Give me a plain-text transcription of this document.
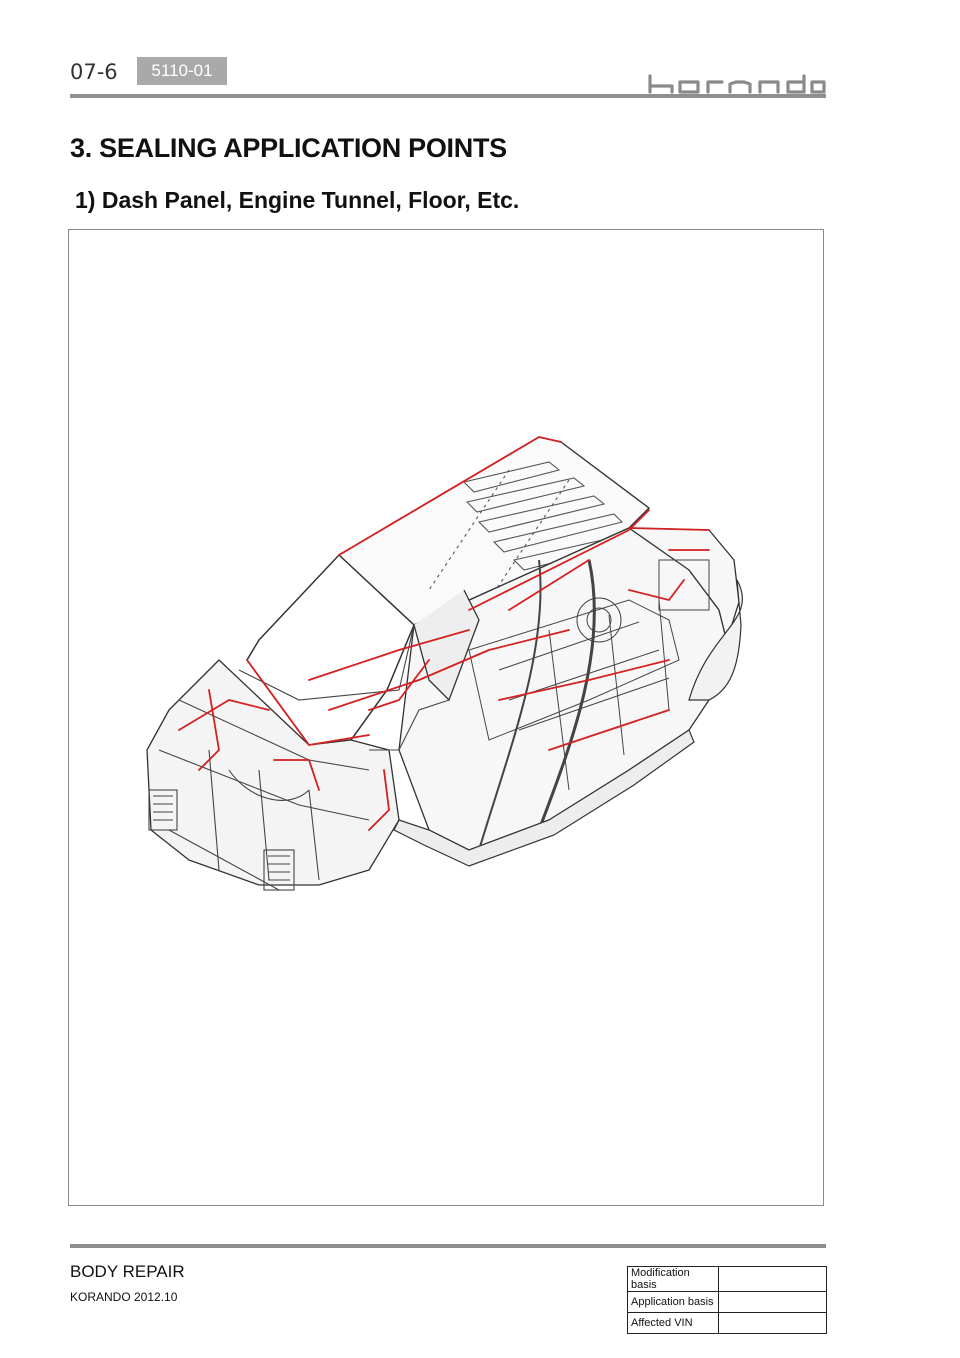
07-6	5110-01
3. SEALING APPLICATION POINTS
1) Dash Panel, Engine Tunnel, Floor, Etc.
BODY REPAIR
KORANDO 2012.10
Modification basis	
Application basis	
Affected VIN	
